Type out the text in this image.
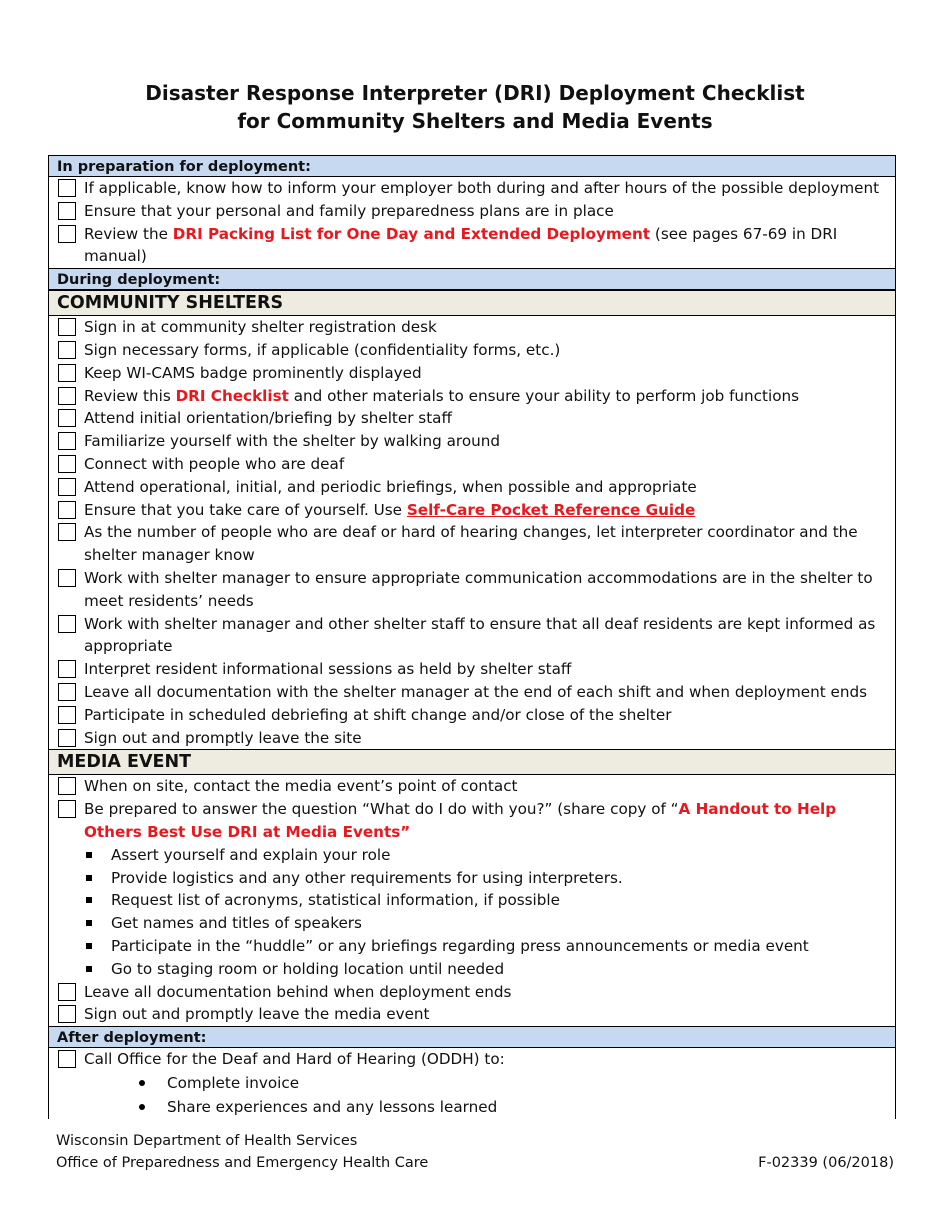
Disaster Response Interpreter (DRI) Deployment Checklist
for Community Shelters and Media Events
In preparation for deployment:
If applicable, know how to inform your employer both during and after hours of the possible deployment
Ensure that your personal and family preparedness plans are in place
Review the DRI Packing List for One Day and Extended Deployment (see pages 67-69 in DRI manual)
During deployment:
COMMUNITY SHELTERS
Sign in at community shelter registration desk
Sign necessary forms, if applicable (confidentiality forms, etc.)
Keep WI-CAMS badge prominently displayed
Review this DRI Checklist and other materials to ensure your ability to perform job functions
Attend initial orientation/briefing by shelter staff
Familiarize yourself with the shelter by walking around
Connect with people who are deaf
Attend operational, initial, and periodic briefings, when possible and appropriate
Ensure that you take care of yourself. Use Self-Care Pocket Reference Guide
As the number of people who are deaf or hard of hearing changes, let interpreter coordinator and the shelter manager know
Work with shelter manager to ensure appropriate communication accommodations are in the shelter to meet residents’ needs
Work with shelter manager and other shelter staff to ensure that all deaf residents are kept informed as appropriate
Interpret resident informational sessions as held by shelter staff
Leave all documentation with the shelter manager at the end of each shift and when deployment ends
Participate in scheduled debriefing at shift change and/or close of the shelter
Sign out and promptly leave the site
MEDIA EVENT
When on site, contact the media event’s point of contact
Be prepared to answer the question “What do I do with you?” (share copy of “A Handout to Help Others Best Use DRI at Media Events”
Assert yourself and explain your role
Provide logistics and any other requirements for using interpreters.
Request list of acronyms, statistical information, if possible
Get names and titles of speakers
Participate in the “huddle” or any briefings regarding press announcements or media event
Go to staging room or holding location until needed
Leave all documentation behind when deployment ends
Sign out and promptly leave the media event
After deployment:
Call Office for the Deaf and Hard of Hearing (ODDH) to:
Complete invoice
Share experiences and any lessons learned
Wisconsin Department of Health Services
Office of Preparedness and Emergency Health Care	F-02339 (06/2018)
